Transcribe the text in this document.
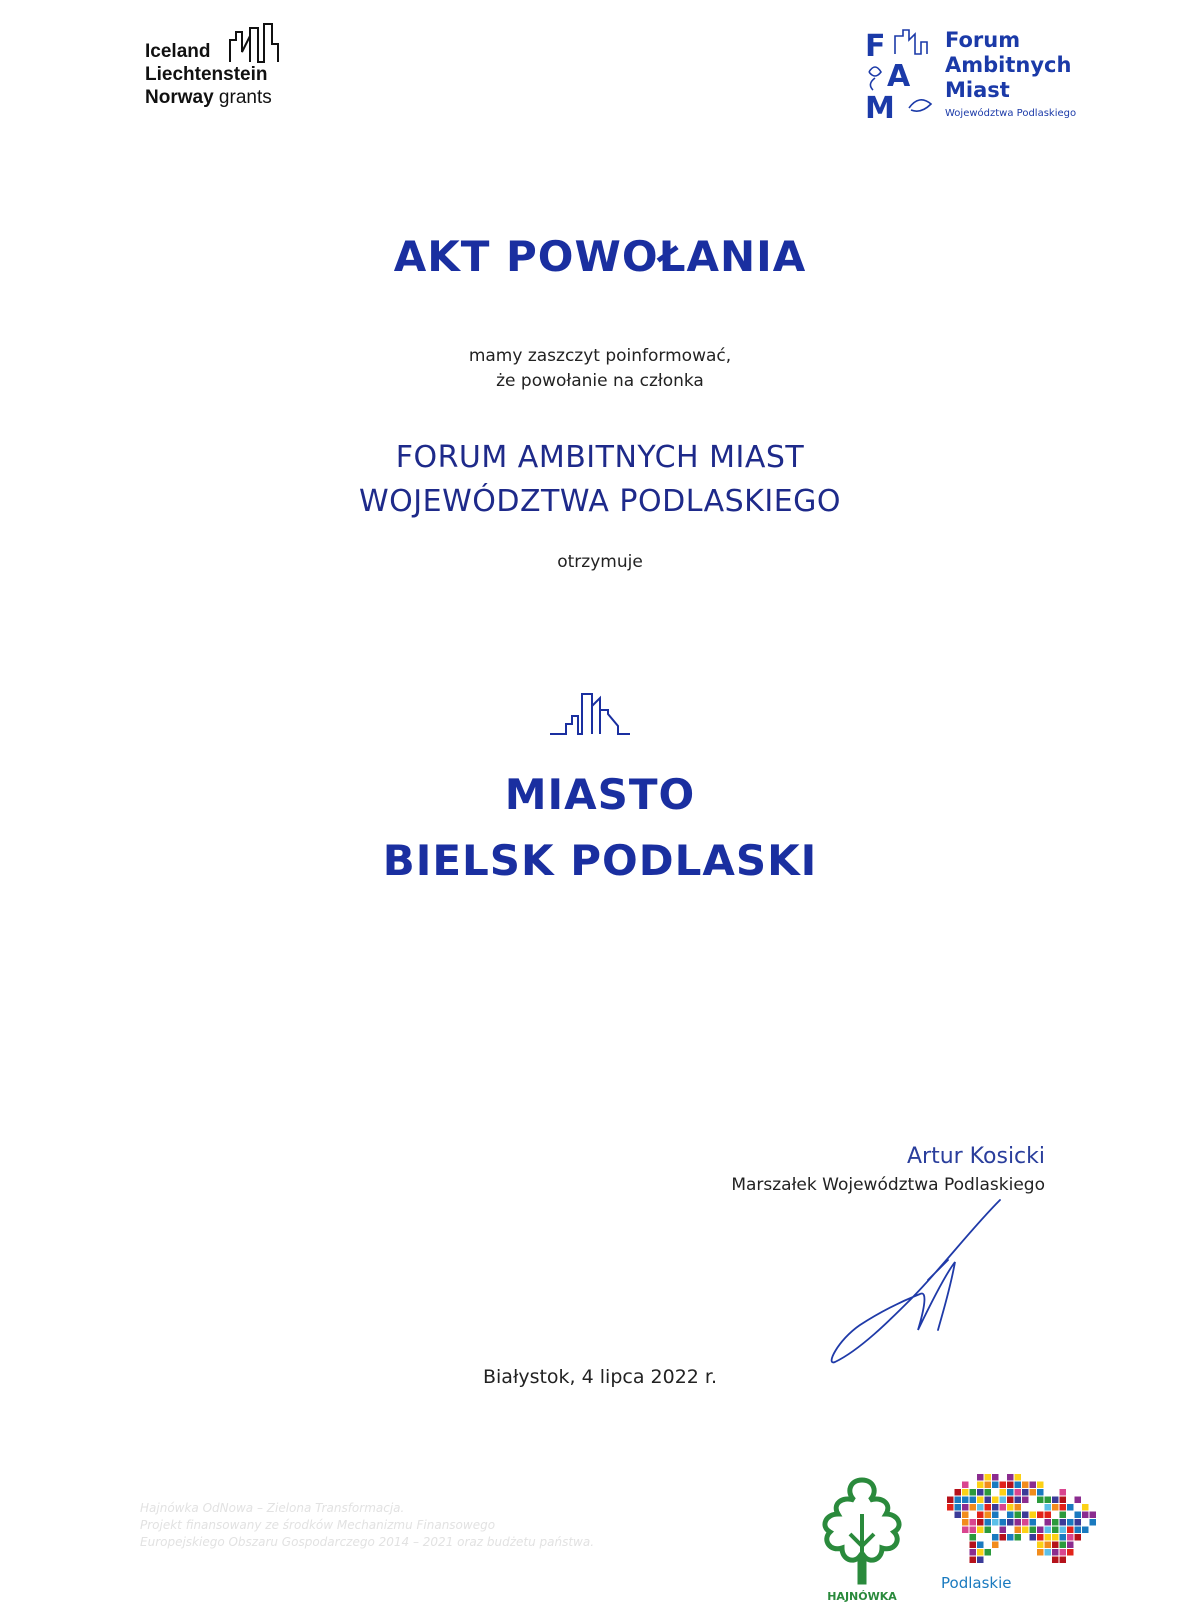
Iceland
Liechtenstein
Norway grants
F
A
M
Forum
Ambitnych
Miast
Województwa Podlaskiego
AKT POWOŁANIA
mamy zaszczyt poinformować,
że powołanie na członka
FORUM AMBITNYCH MIAST
WOJEWÓDZTWA PODLASKIEGO
otrzymuje
MIASTO
BIELSK PODLASKI
Artur Kosicki
Marszałek Województwa Podlaskiego
Białystok, 4 lipca 2022 r.
Hajnówka OdNowa – Zielona Transformacja.
Projekt finansowany ze środków Mechanizmu Finansowego
Europejskiego Obszaru Gospodarczego 2014 – 2021 oraz budżetu państwa.
HAJNÓWKA
Podlaskie
